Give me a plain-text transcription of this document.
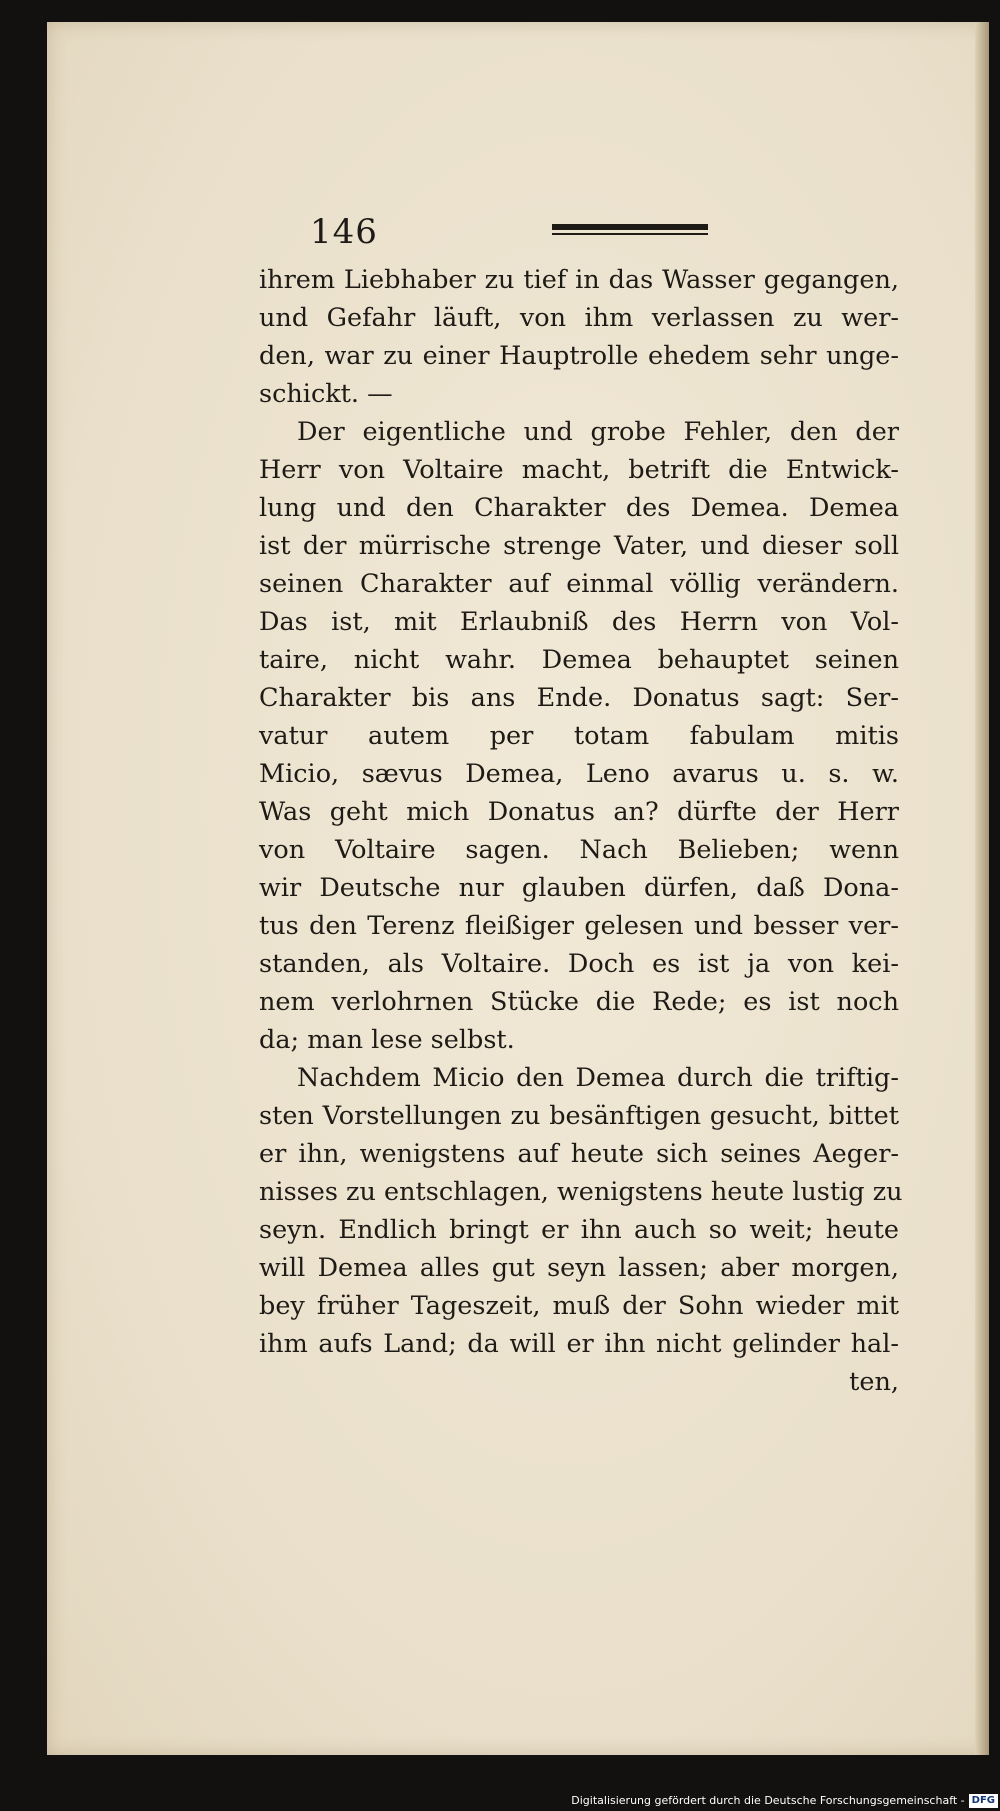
146
ihrem Liebhaber zu tief in das Wasser gegangen,
und Gefahr läuft, von ihm verlassen zu wer-
den, war zu einer Hauptrolle ehedem sehr unge-
schickt. —
Der eigentliche und grobe Fehler, den der
Herr von Voltaire macht, betrift die Entwick-
lung und den Charakter des Demea. Demea
ist der mürrische strenge Vater, und dieser soll
seinen Charakter auf einmal völlig verändern.
Das ist, mit Erlaubniß des Herrn von Vol-
taire, nicht wahr. Demea behauptet seinen
Charakter bis ans Ende. Donatus sagt: Ser-
vatur autem per totam fabulam mitis
Micio, sævus Demea, Leno avarus u. s. w.
Was geht mich Donatus an? dürfte der Herr
von Voltaire sagen. Nach Belieben; wenn
wir Deutsche nur glauben dürfen, daß Dona-
tus den Terenz fleißiger gelesen und besser ver-
standen, als Voltaire. Doch es ist ja von kei-
nem verlohrnen Stücke die Rede; es ist noch
da; man lese selbst.
Nachdem Micio den Demea durch die triftig-
sten Vorstellungen zu besänftigen gesucht, bittet
er ihn, wenigstens auf heute sich seines Aeger-
nisses zu entschlagen, wenigstens heute lustig zu
seyn. Endlich bringt er ihn auch so weit; heute
will Demea alles gut seyn lassen; aber morgen,
bey früher Tageszeit, muß der Sohn wieder mit
ihm aufs Land; da will er ihn nicht gelinder hal-
ten,
Digitalisierung gefördert durch die Deutsche Forschungsgemeinschaft - DFG
